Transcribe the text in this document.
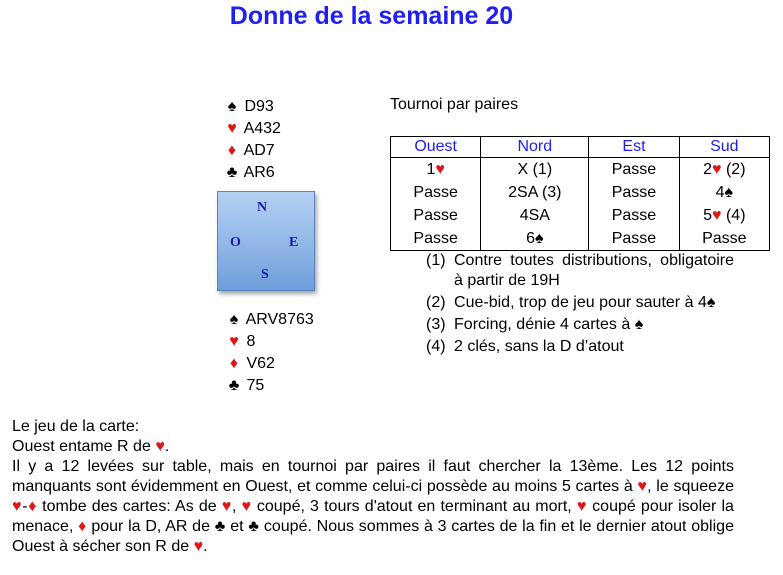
Donne de la semaine 20
♠ D93
♥ A432
♦ AD7
♣ AR6
N
O	E
S
♠ ARV8763
♥ 8
♦ V62
♣ 75
Tournoi par paires
Ouest	Nord	Est	Sud
1♥	X (1)	Passe	2♥ (2)
Passe	2SA (3)	Passe	4♠
Passe	4SA	Passe	5♥ (4)
Passe	6♠	Passe	Passe
(1) Contre toutes distributions, obligatoire à partir de 19H
(2) Cue-bid, trop de jeu pour sauter à 4♠
(3) Forcing, dénie 4 cartes à ♠
(4) 2 clés, sans la D d’atout

Le jeu de la carte:

Ouest entame R de ♥.

Il y a 12 levées sur table, mais en tournoi par paires il faut chercher la 13ème. Les 12 points manquants sont évidemment en Ouest, et comme celui-ci possède au moins 5 cartes à ♥, le squeeze ♥-♦ tombe des cartes: As de ♥, ♥ coupé, 3 tours d'atout en terminant au mort, ♥ coupé pour isoler la menace, ♦ pour la D, AR de ♣ et ♣ coupé. Nous sommes à 3 cartes de la fin et le dernier atout oblige Ouest à sécher son R de ♥.
